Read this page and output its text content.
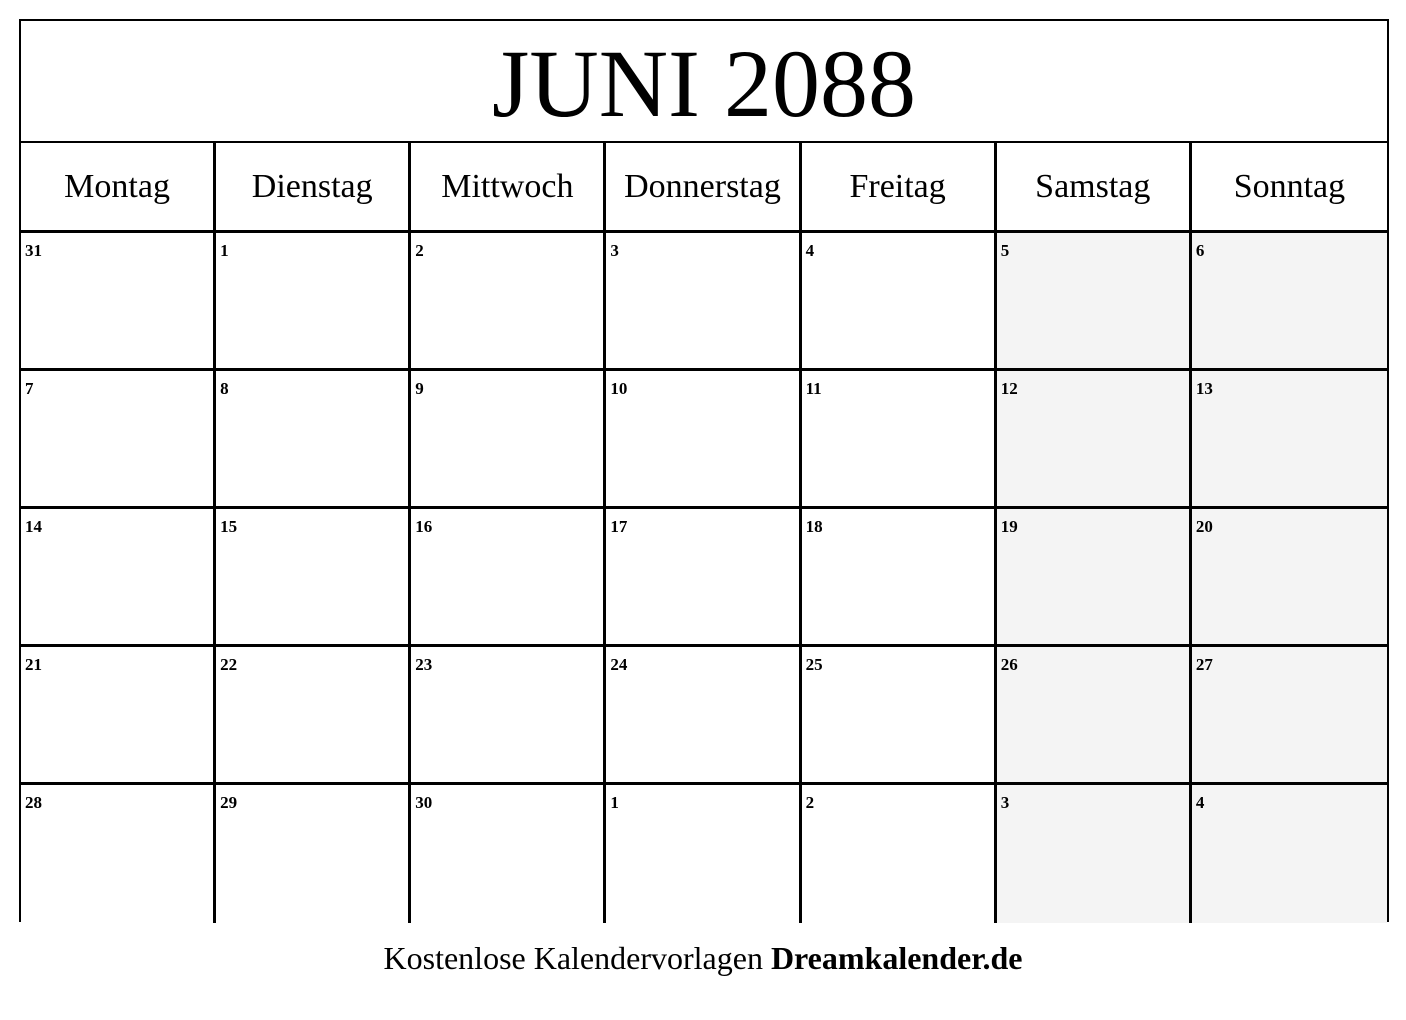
JUNI 2088
Montag	Dienstag	Mittwoch	Donnerstag	Freitag	Samstag	Sonntag
31	1	2	3	4	5	6
7	8	9	10	11	12	13
14	15	16	17	18	19	20
21	22	23	24	25	26	27
28	29	30	1	2	3	4
Kostenlose Kalendervorlagen Dreamkalender.de
